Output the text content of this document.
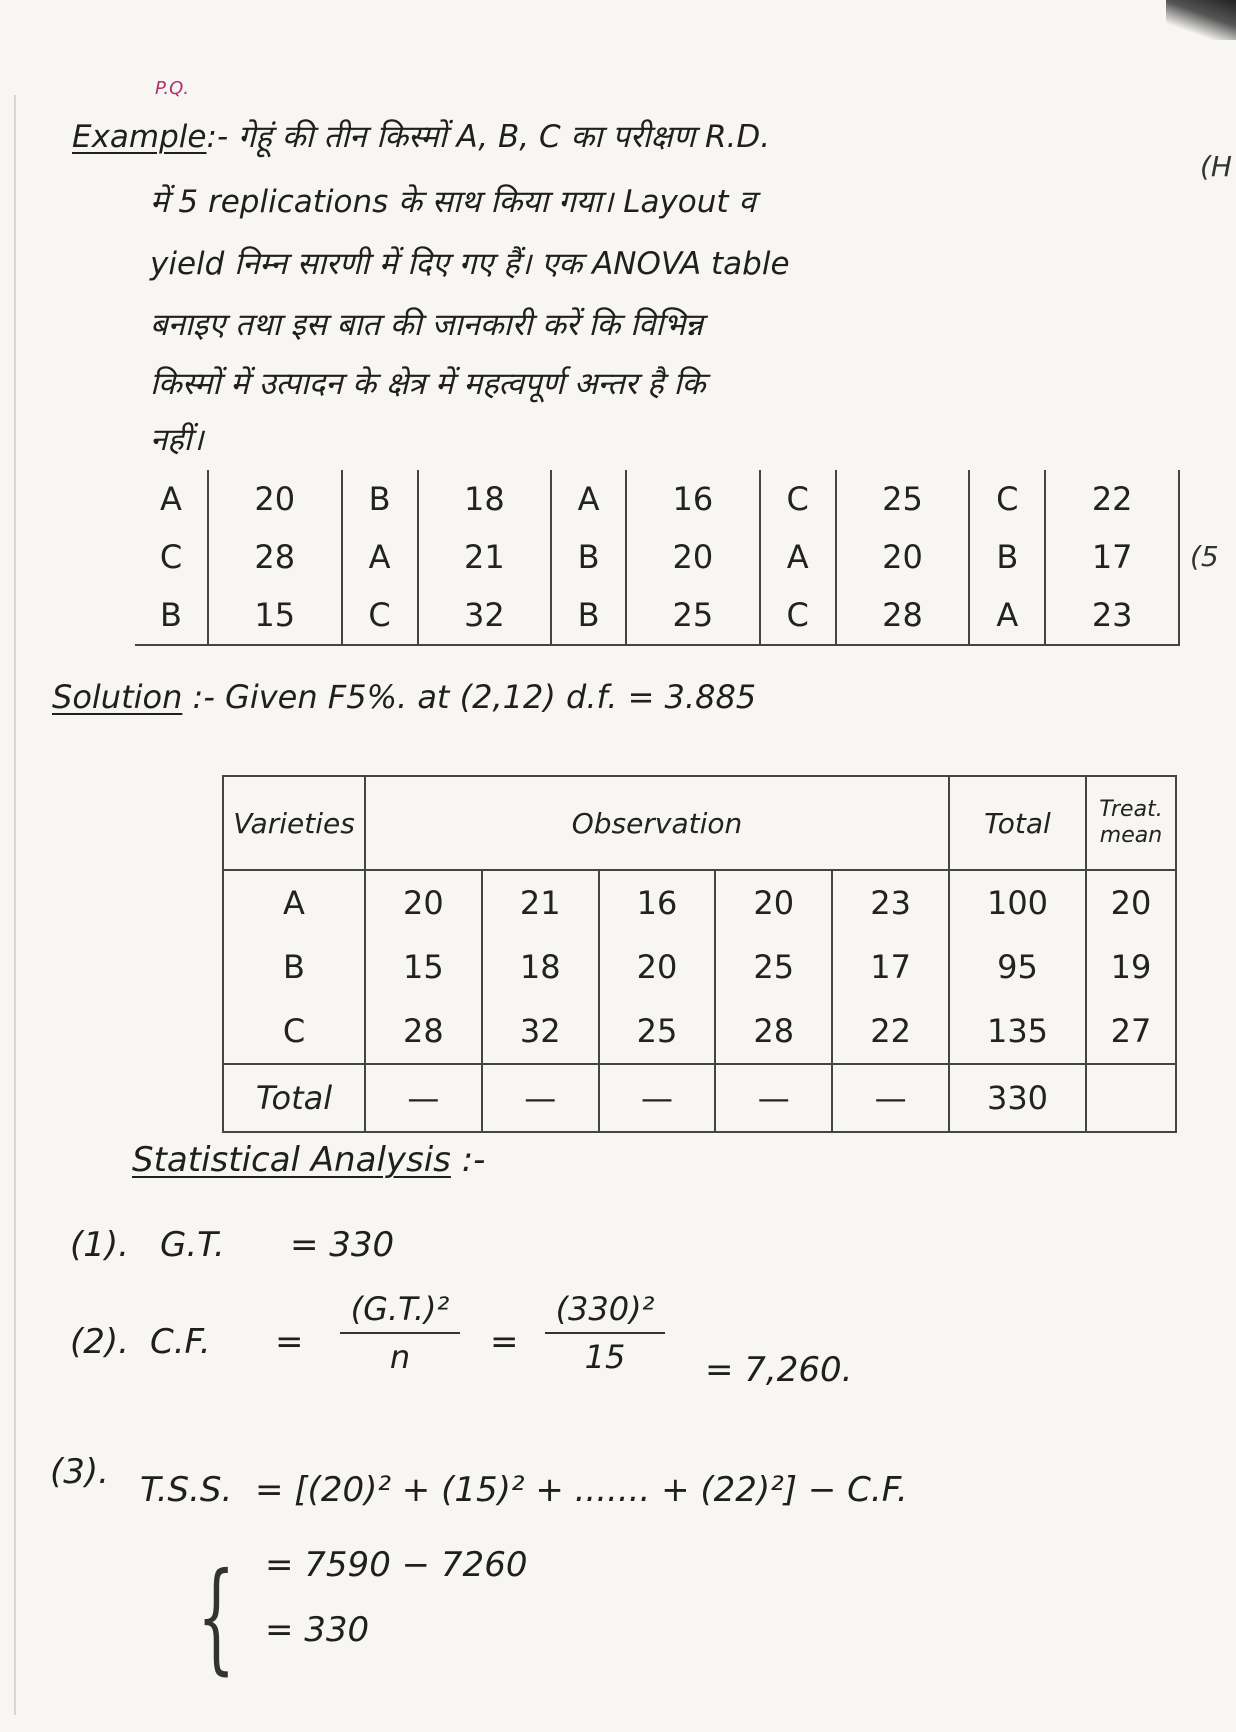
P.Q.
Example:- गेहूं की तीन किस्मों A, B, C का परीक्षण R.D.
में 5 replications के साथ किया गया। Layout व
yield निम्न सारणी में दिए गए हैं। एक ANOVA table
बनाइए तथा इस बात की जानकारी करें कि विभिन्न
किस्मों में उत्पादन के क्षेत्र में महत्वपूर्ण अन्तर है कि
नहीं।
(H
(5
A	20	B	18	A	16	C	25	C	22
C	28	A	21	B	20	A	20	B	17
B	15	C	32	B	25	C	28	A	23
Solution :- Given F5%. at (2,12) d.f. = 3.885
Varieties	Observation					Total	Treat.
mean
A	20	21	16	20	23	100	20
B	15	18	20	25	17	95	19
C	28	32	25	28	22	135	27
Total	—	—	—	—	—	330	
Statistical Analysis :-
(1). G.T. = 330
(2). C.F. =
(G.T.)²
n	=
(330)²
15	= 7,260.
(3). T.S.S. = [(20)² + (15)² + ....... + (22)²] − C.F.
{ = 7590 − 7260
= 330
